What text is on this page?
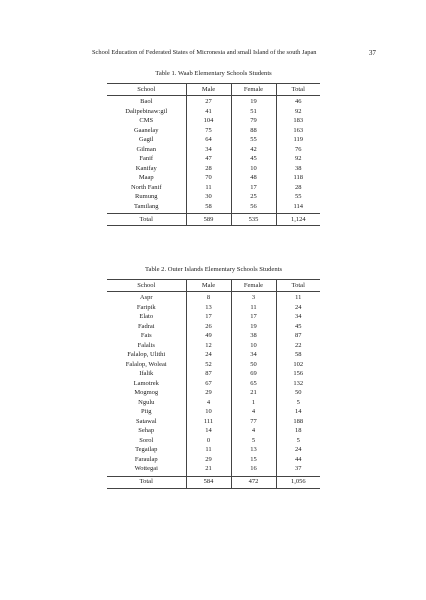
School Education of Federated States of Micronesia and small Island of the south Japan	37
Table 1. Waab Elementary Schools Students
School	Male	Female	Total
Baol	27	19	46
Dalipebinaw:gil	41	51	92
CMS	104	79	183
Gaanelay	75	88	163
Gagil	64	55	119
Gilman	34	42	76
Fanif	47	45	92
Kanifay	28	10	38
Maap	70	48	118
North Fanif	11	17	28
Rumung	30	25	55
Tamilang	58	56	114
Total	589	535	1,124
Table 2. Outer Islands Elementary Schools Students
School	Male	Female	Total
Aspr	8	3	11
Faripik	13	11	24
Elato	17	17	34
Fadrai	26	19	45
Fais	49	38	87
Falalis	12	10	22
Falalop, Ulithi	24	34	58
Falalop, Woleai	52	50	102
Ifalik	87	69	156
Lamotrek	67	65	132
Mogmog	29	21	50
Ngulu	4	1	5
Piig	10	4	14
Satawal	111	77	188
Sehap	14	4	18
Sorol	0	5	5
Tegailap	11	13	24
Faraulap	29	15	44
Wottegai	21	16	37
Total	584	472	1,056
